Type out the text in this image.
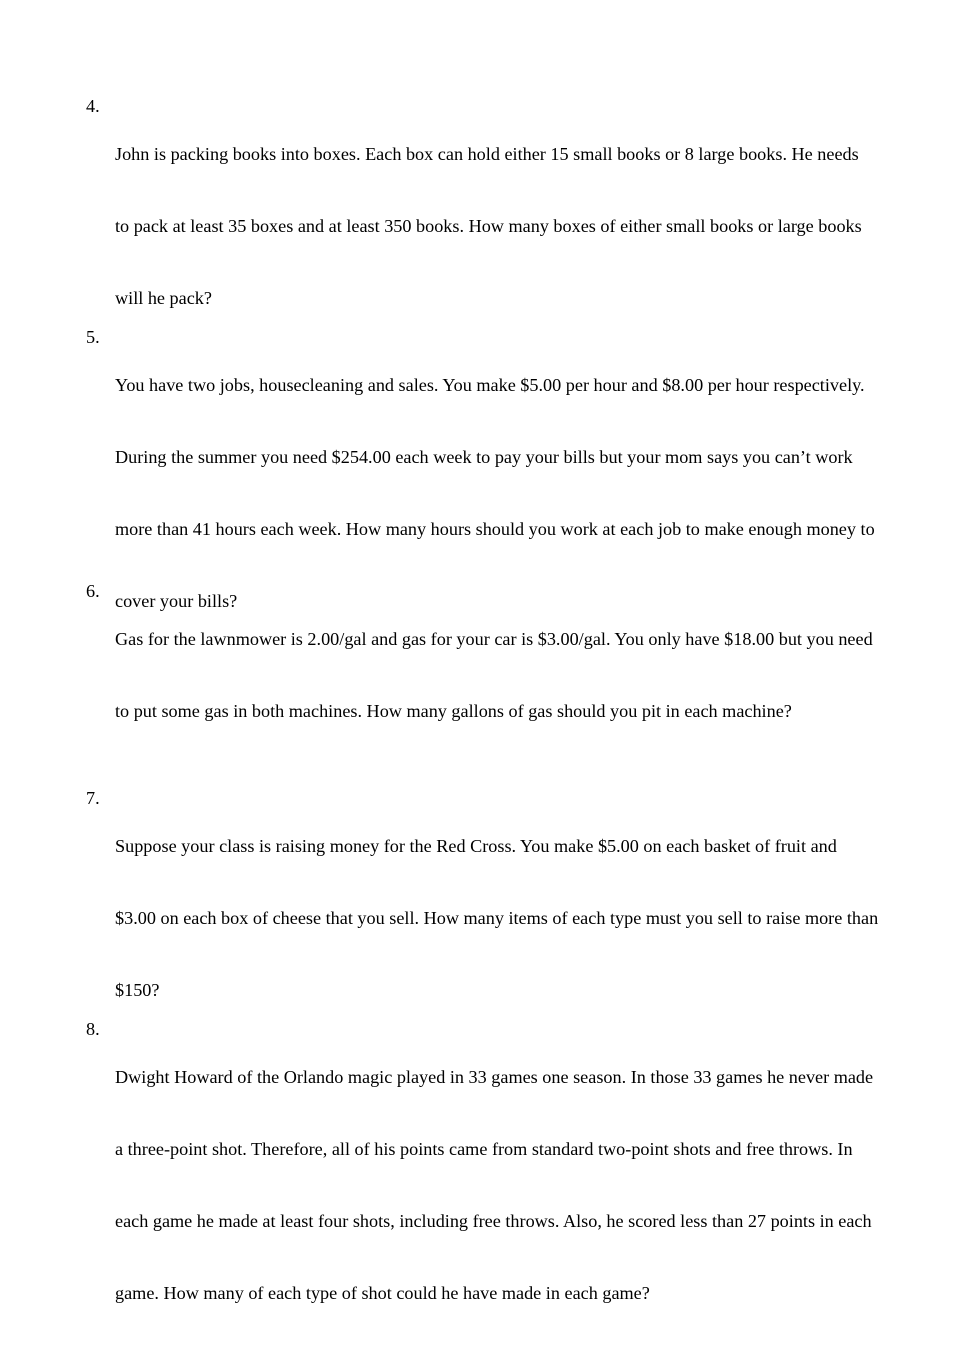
4.

John is packing books into boxes. Each box can hold either 15 small books or 8 large books. He needs

to pack at least 35 boxes and at least 350 books. How many boxes of either small books or large books

will he pack?

5.

You have two jobs, housecleaning and sales. You make $5.00 per hour and $8.00 per hour respectively.

During the summer you need $254.00 each week to pay your bills but your mom says you can’t work

more than 41 hours each week. How many hours should you work at each job to make enough money to

cover your bills?

6.

Gas for the lawnmower is 2.00/gal and gas for your car is $3.00/gal. You only have $18.00 but you need

to put some gas in both machines. How many gallons of gas should you pit in each machine?

7.

Suppose your class is raising money for the Red Cross. You make $5.00 on each basket of fruit and

$3.00 on each box of cheese that you sell. How many items of each type must you sell to raise more than

$150?

8.

Dwight Howard of the Orlando magic played in 33 games one season. In those 33 games he never made

a three-point shot. Therefore, all of his points came from standard two-point shots and free throws. In

each game he made at least four shots, including free throws. Also, he scored less than 27 points in each

game. How many of each type of shot could he have made in each game?
